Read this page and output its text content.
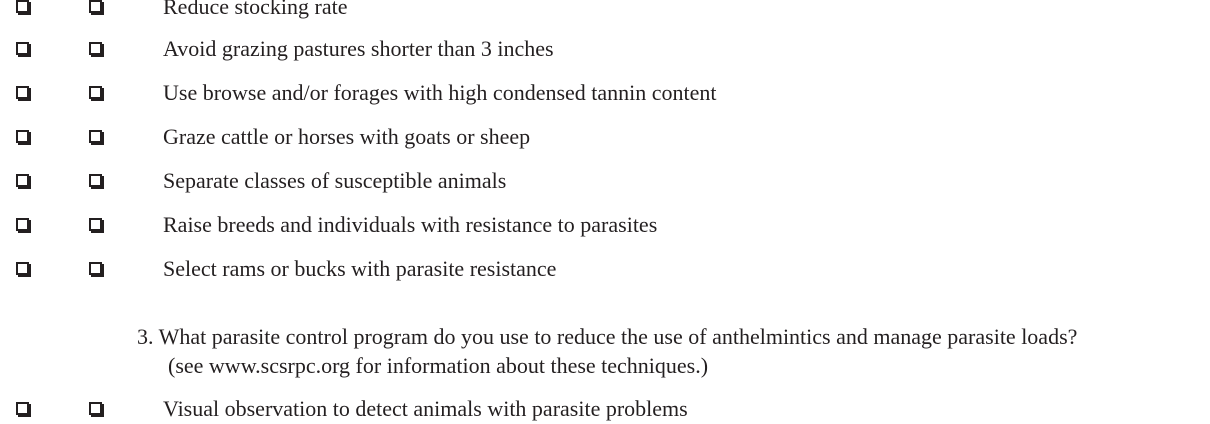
Reduce stocking rate
Avoid grazing pastures shorter than 3 inches
Use browse and/or forages with high condensed tannin content
Graze cattle or horses with goats or sheep
Separate classes of susceptible animals
Raise breeds and individuals with resistance to parasites
Select rams or bucks with parasite resistance
3. What parasite control program do you use to reduce the use of anthelmintics and manage parasite loads?
(see www.scsrpc.org for information about these techniques.)
Visual observation to detect animals with parasite problems
